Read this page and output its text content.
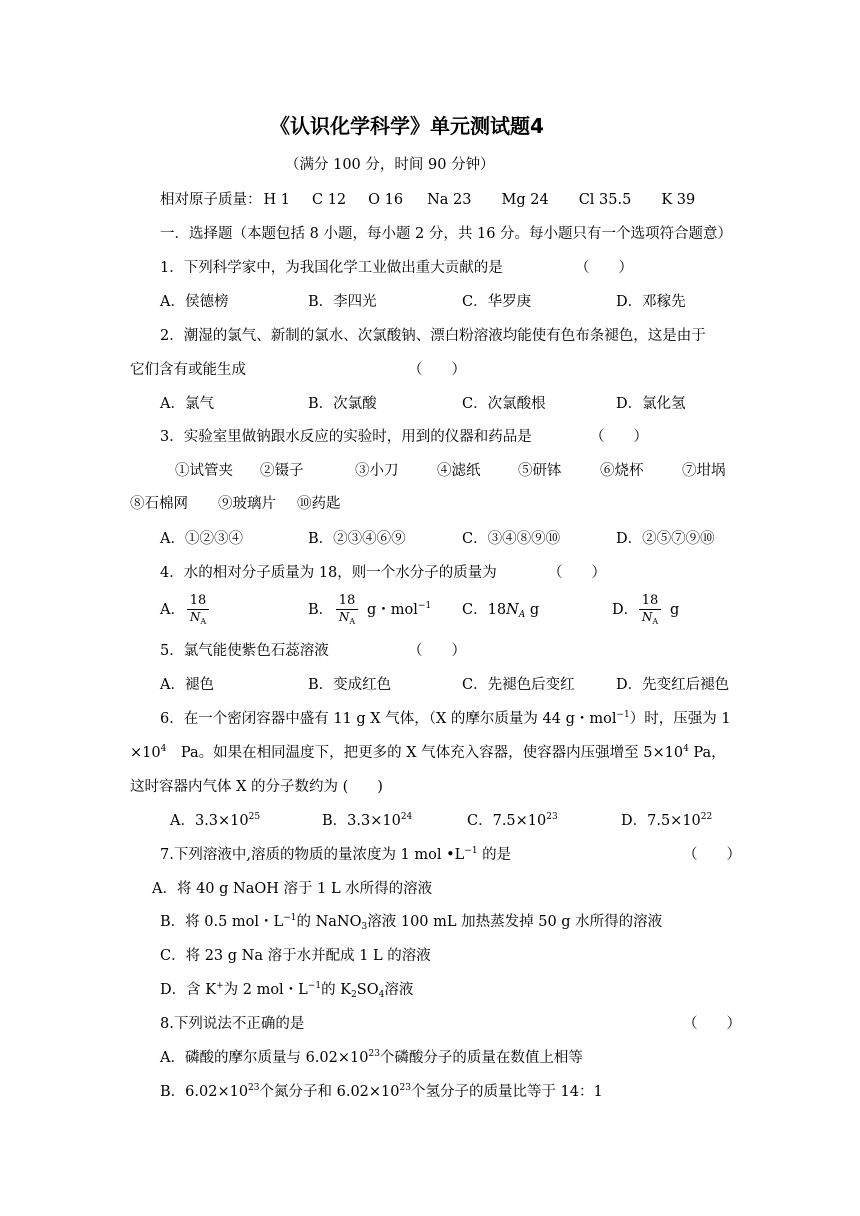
《认识化学科学》单元测试题4
（满分 100 分，时间 90 分钟）
相对原子质量： H 1 C 12 O 16 Na 23 Mg 24 Cl 35.5 K 39
一．选择题（本题包括 8 小题，每小题 2 分，共 16 分。每小题只有一个选项符合题意）
1．下列科学家中，为我国化学工业做出重大贡献的是	（　　）
A．侯德榜	B．李四光	C．华罗庚	D．邓稼先
2．潮湿的氯气、新制的氯水、次氯酸钠、漂白粉溶液均能使有色布条褪色，这是由于
它们含有或能生成	（　　）
A．氯气	B．次氯酸	C．次氯酸根	D．氯化氢
3．实验室里做钠跟水反应的实验时，用到的仪器和药品是	（　　）
①试管夹 ②镊子	③小刀	④滤纸	⑤研钵	⑥烧杯	⑦坩埚
⑧石棉网 ⑨玻璃片 ⑩药匙
A．①②③④	B．②③④⑥⑨	C．③④⑧⑨⑩	D．②⑤⑦⑨⑩
4．水的相对分子质量为 18，则一个水分子的质量为	（　　）
A． $\frac{18}{N_A}$	B． $\frac{18}{N_A}$ g・mol$^{-1}$ C．$18N_A$ g	D． $\frac{18}{N_A}$ g
5．氯气能使紫色石蕊溶液	（　　）
A．褪色	B．变成红色	C．先褪色后变红	D．先变红后褪色
6．在一个密闭容器中盛有 11 g X 气体，（X 的摩尔质量为 44 g・mol$^{-1}$）时，压强为 1
$\times 10^4$　Pa。如果在相同温度下，把更多的 X 气体充入容器，使容器内压强增至 $5\times 10^4$ Pa，
这时容器内气体 X 的分子数约为 (　　)
A．$3.3\times 10^{25}$	B．$3.3\times 10^{24}$	C．$7.5\times 10^{23}$	D．$7.5\times 10^{22}$
7.下列溶液中,溶质的物质的量浓度为 1 mol $•L^{-1}$ 的是	（　　）
A．将 40 g NaOH 溶于 1 L 水所得的溶液
B．将 0.5 mol・$L^{-1}$的 NaNO$_3$溶液 100 mL 加热蒸发掉 50 g 水所得的溶液
C．将 23 g Na 溶于水并配成 1 L 的溶液
D．含 K+为 2 mol・$L^{-1}$的 $K_2SO_4$溶液
8.下列说法不正确的是	（　　）
A．磷酸的摩尔质量与 $6.02\times 10^{23}$个磷酸分子的质量在数值上相等
B．$6.02\times 10^{23}$个氮分子和 $6.02\times 10^{23}$个氢分子的质量比等于 14：1
